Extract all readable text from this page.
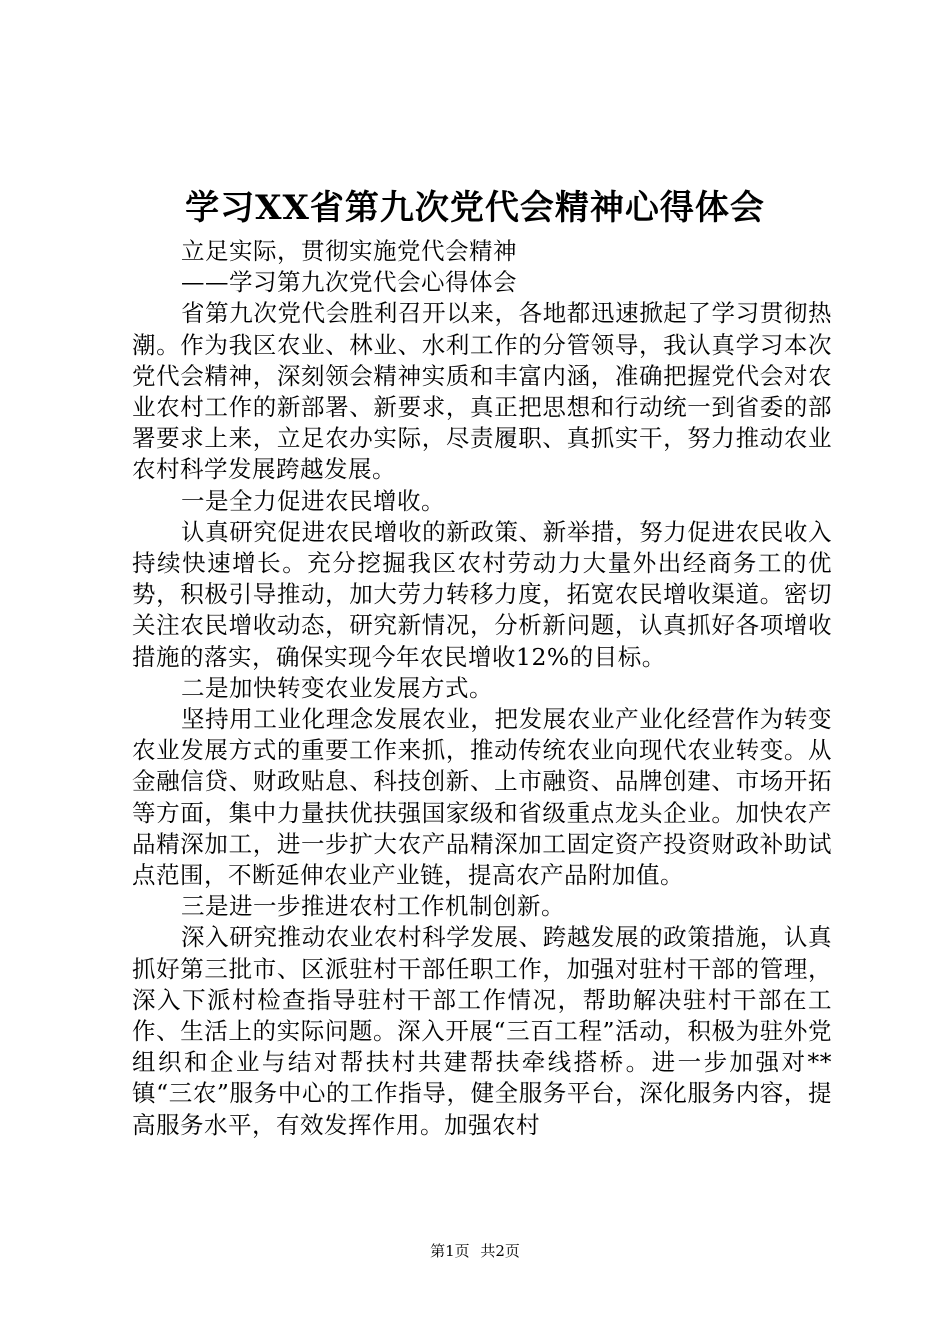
学习XX省第九次党代会精神心得体会

立足实际，贯彻实施党代会精神

——学习第九次党代会心得体会

省第九次党代会胜利召开以来，各地都迅速掀起了学习贯彻热潮。作为我区农业、林业、水利工作的分管领导，我认真学习本次党代会精神，深刻领会精神实质和丰富内涵，准确把握党代会对农业农村工作的新部署、新要求，真正把思想和行动统一到省委的部署要求上来，立足农办实际，尽责履职、真抓实干，努力推动农业农村科学发展跨越发展。

一是全力促进农民增收。

认真研究促进农民增收的新政策、新举措，努力促进农民收入持续快速增长。充分挖掘我区农村劳动力大量外出经商务工的优势，积极引导推动，加大劳力转移力度，拓宽农民增收渠道。密切关注农民增收动态，研究新情况，分析新问题，认真抓好各项增收措施的落实，确保实现今年农民增收12%的目标。

二是加快转变农业发展方式。

坚持用工业化理念发展农业，把发展农业产业化经营作为转变农业发展方式的重要工作来抓，推动传统农业向现代农业转变。从金融信贷、财政贴息、科技创新、上市融资、品牌创建、市场开拓等方面，集中力量扶优扶强国家级和省级重点龙头企业。加快农产品精深加工，进一步扩大农产品精深加工固定资产投资财政补助试点范围，不断延伸农业产业链，提高农产品附加值。

三是进一步推进农村工作机制创新。

深入研究推动农业农村科学发展、跨越发展的政策措施，认真抓好第三批市、区派驻村干部任职工作，加强对驻村干部的管理，深入下派村检查指导驻村干部工作情况，帮助解决驻村干部在工作、生活上的实际问题。深入开展“三百工程”活动，积极为驻外党组织和企业与结对帮扶村共建帮扶牵线搭桥。进一步加强对**镇“三农”服务中心的工作指导，健全服务平台，深化服务内容，提高服务水平，有效发挥作用。加强农村

第1页 共2页
